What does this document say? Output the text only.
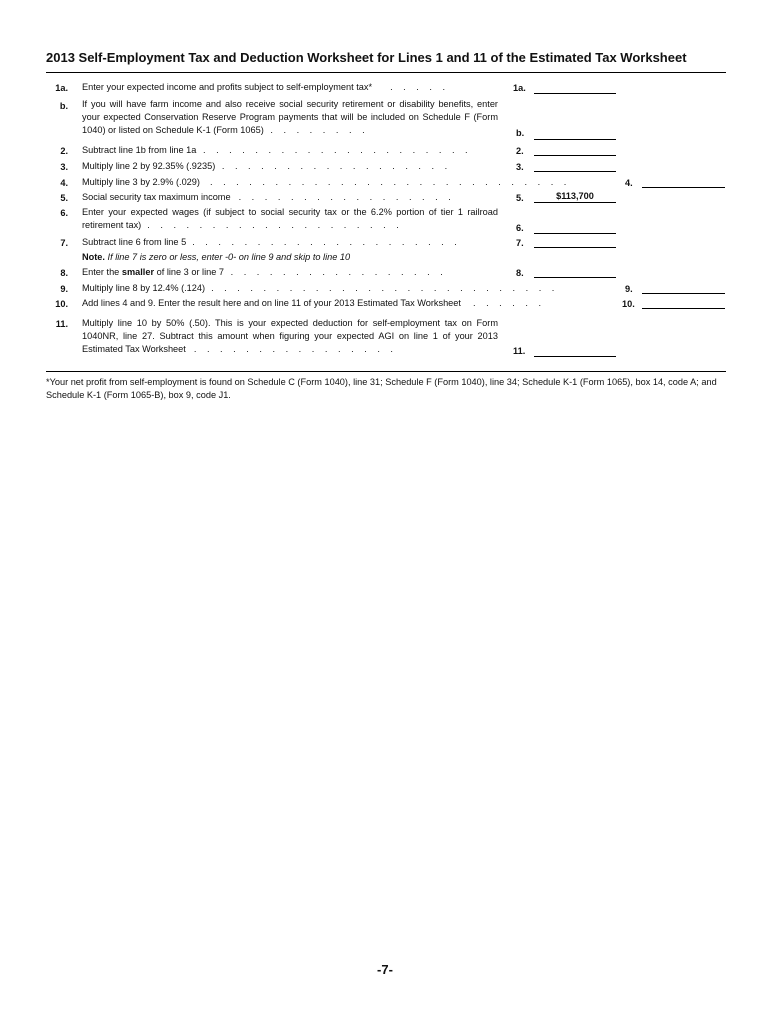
2013 Self-Employment Tax and Deduction Worksheet for Lines 1 and 11 of the Estimated Tax Worksheet
1a. Enter your expected income and profits subject to self-employment tax* . . . . .	1a.
b. If you will have farm income and also receive social security retirement or disability benefits, enter your expected Conservation Reserve Program payments that will be included on Schedule F (Form 1040) or listed on Schedule K-1 (Form 1065) . . . . . . . .	b.
2. Subtract line 1b from line 1a . . . . . . . . . . . . . . . . . . . . .	2.
3. Multiply line 2 by 92.35% (.9235) . . . . . . . . . . . . . . . . . .	3.
4. Multiply line 3 by 2.9% (.029) . . . . . . . . . . . . . . . . . . . . . . . . . . . .	4.
5. Social security tax maximum income . . . . . . . . . . . . . . . . .	5.	$113,700
6. Enter your expected wages (if subject to social security tax or the 6.2% portion of tier 1 railroad retirement tax) . . . . . . . . . . . . . . . . . . . .	6.
7. Subtract line 6 from line 5 . . . . . . . . . . . . . . . . . . . . .	7.
Note. If line 7 is zero or less, enter -0- on line 9 and skip to line 10
8. Enter the smaller of line 3 or line 7 . . . . . . . . . . . . . . . . .	8.
9. Multiply line 8 by 12.4% (.124) . . . . . . . . . . . . . . . . . . . . . . . . . . .	9.
10. Add lines 4 and 9. Enter the result here and on line 11 of your 2013 Estimated Tax Worksheet . . . . . .	10.
11. Multiply line 10 by 50% (.50). This is your expected deduction for self-employment tax on Form 1040NR, line 27. Subtract this amount when figuring your expected AGI on line 1 of your 2013 Estimated Tax Worksheet . . . . . . . . . . . . . . . .	11.
*Your net profit from self-employment is found on Schedule C (Form 1040), line 31; Schedule F (Form 1040), line 34; Schedule K-1 (Form 1065), box 14, code A; and Schedule K-1 (Form 1065-B), box 9, code J1.
-7-
